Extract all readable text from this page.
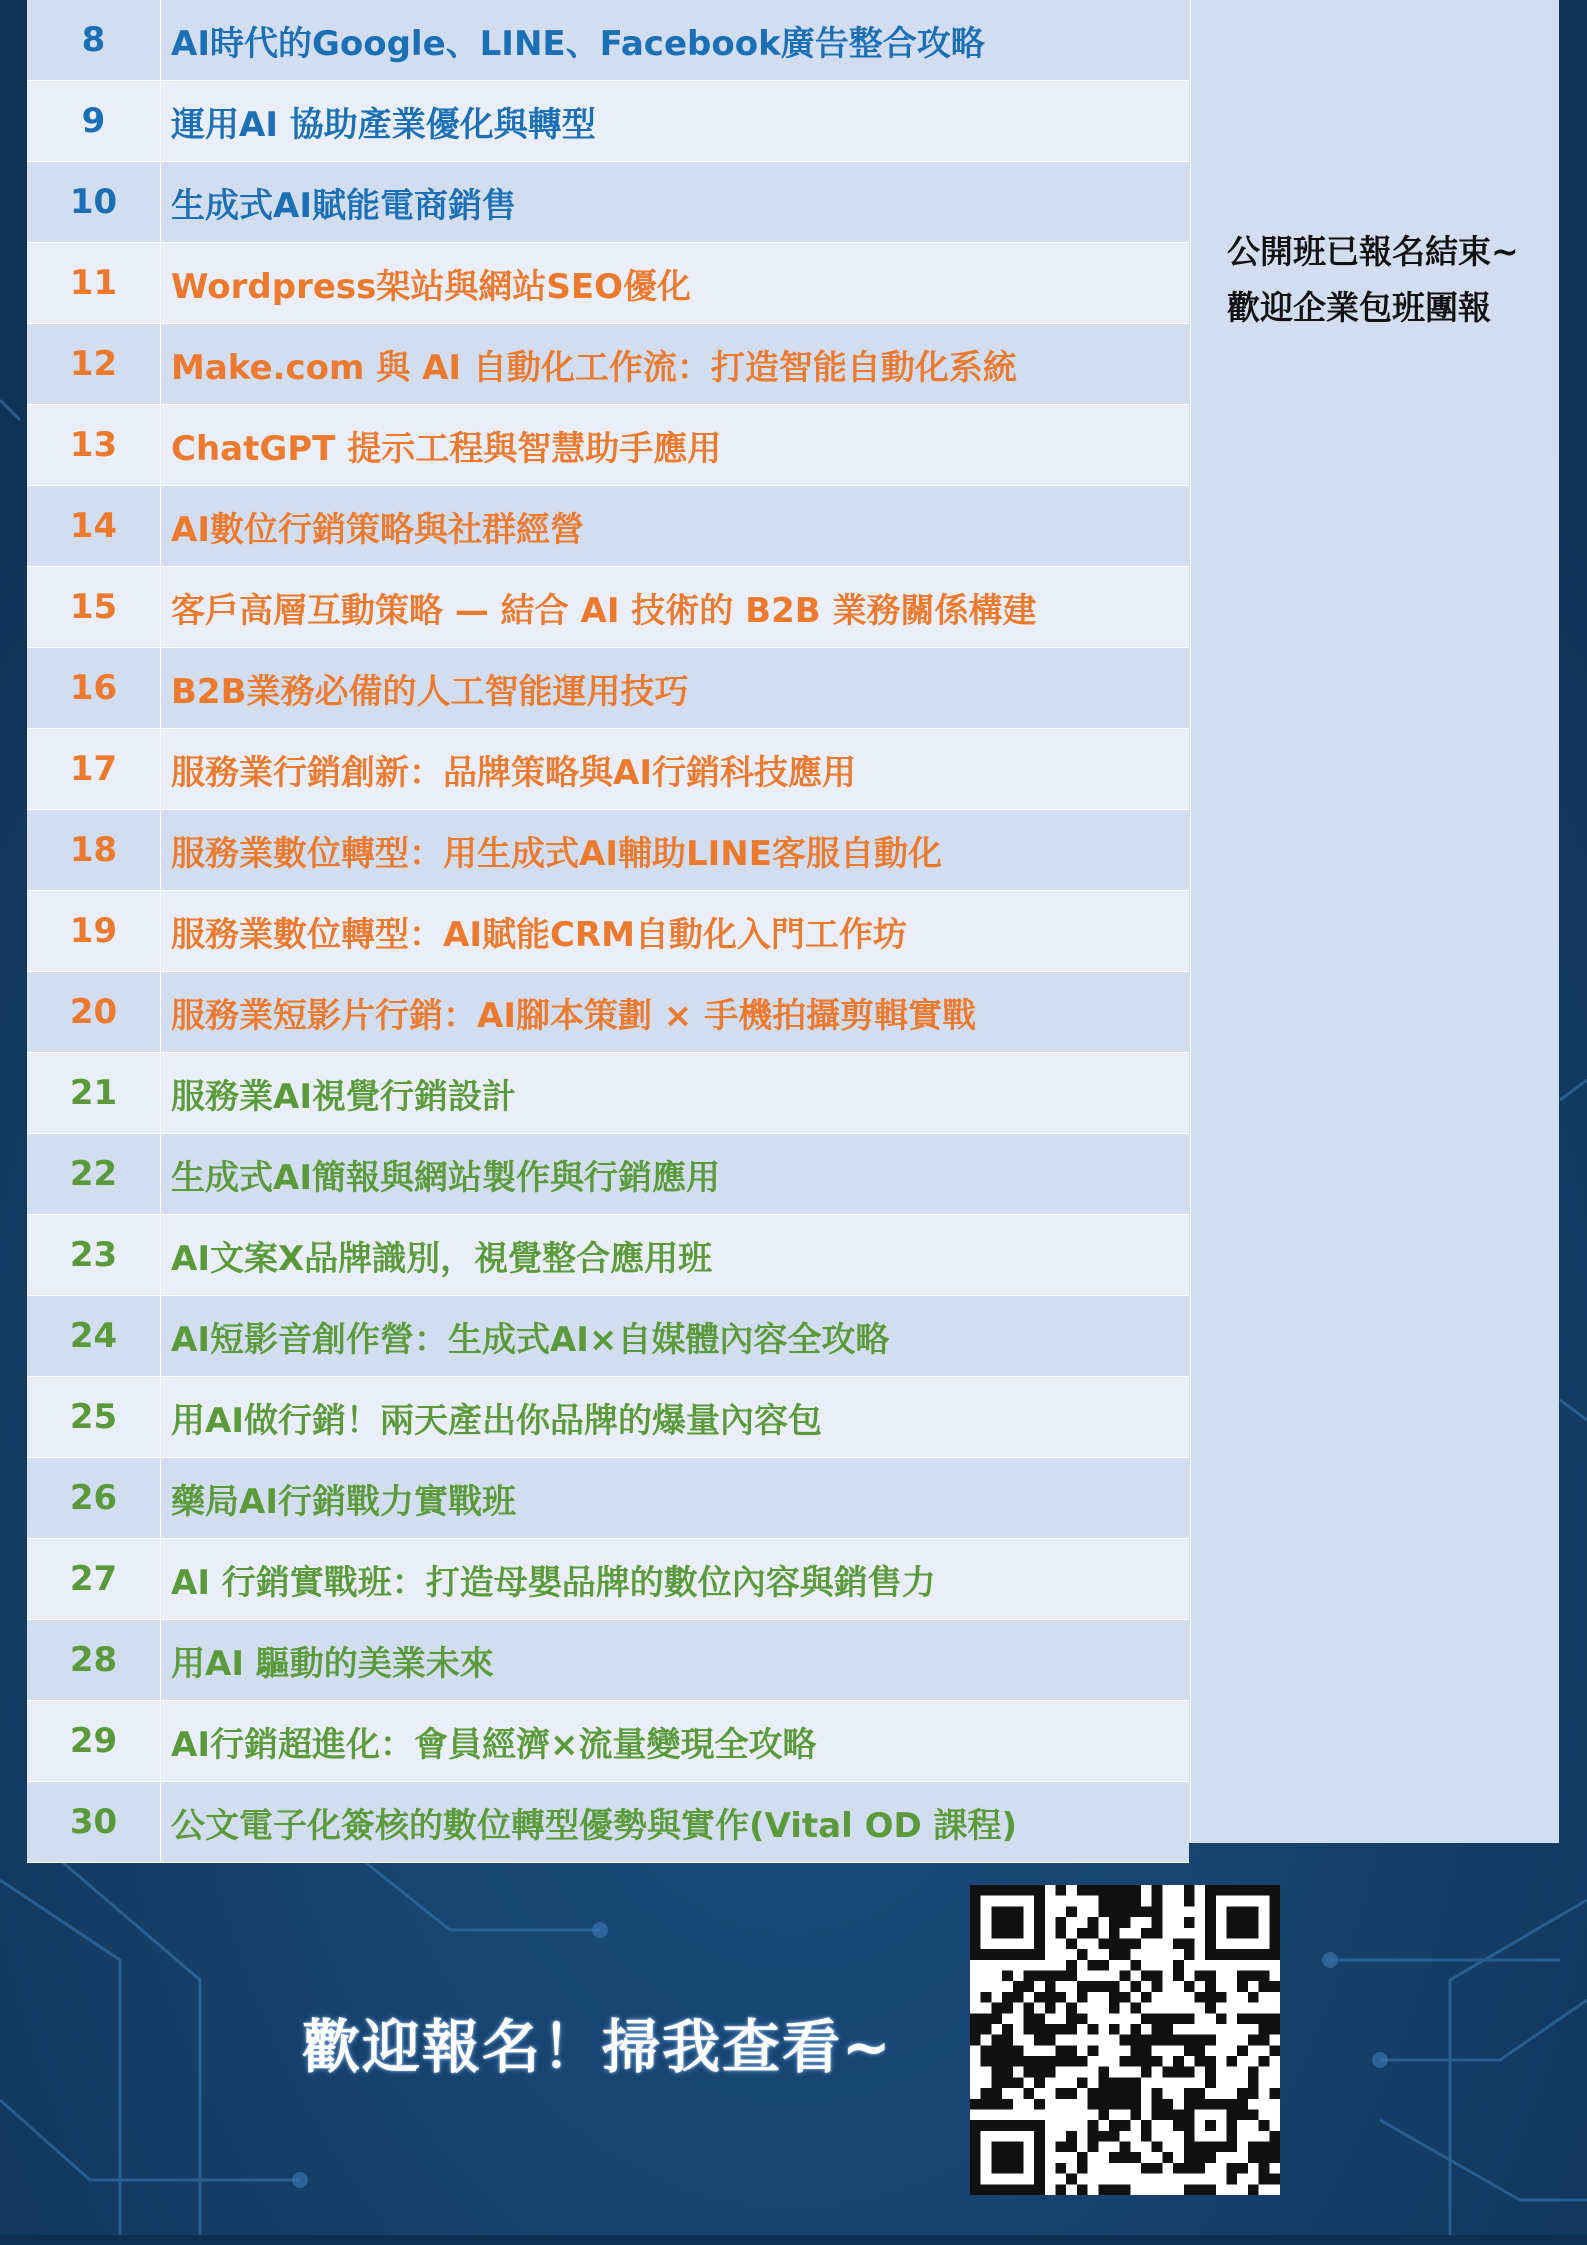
8	AI時代的Google、LINE、Facebook廣告整合攻略
9	運用AI 協助產業優化與轉型
10	生成式AI賦能電商銷售
11	Wordpress架站與網站SEO優化
12	Make.com 與 AI 自動化工作流：打造智能自動化系統
13	ChatGPT 提示工程與智慧助手應用
14	AI數位行銷策略與社群經營
15	客戶高層互動策略 — 結合 AI 技術的 B2B 業務關係構建
16	B2B業務必備的人工智能運用技巧
17	服務業行銷創新：品牌策略與AI行銷科技應用
18	服務業數位轉型：用生成式AI輔助LINE客服自動化
19	服務業數位轉型：AI賦能CRM自動化入門工作坊
20	服務業短影片行銷：AI腳本策劃 × 手機拍攝剪輯實戰
21	服務業AI視覺行銷設計
22	生成式AI簡報與網站製作與行銷應用
23	AI文案X品牌識別，視覺整合應用班
24	AI短影音創作營：生成式AI×自媒體內容全攻略
25	用AI做行銷！兩天產出你品牌的爆量內容包
26	藥局AI行銷戰力實戰班
27	AI 行銷實戰班：打造母嬰品牌的數位內容與銷售力
28	用AI 驅動的美業未來
29	AI行銷超進化：會員經濟×流量變現全攻略
30	公文電子化簽核的數位轉型優勢與實作(Vital OD 課程)
公開班已報名結束~
歡迎企業包班團報
歡迎報名！掃我查看~
